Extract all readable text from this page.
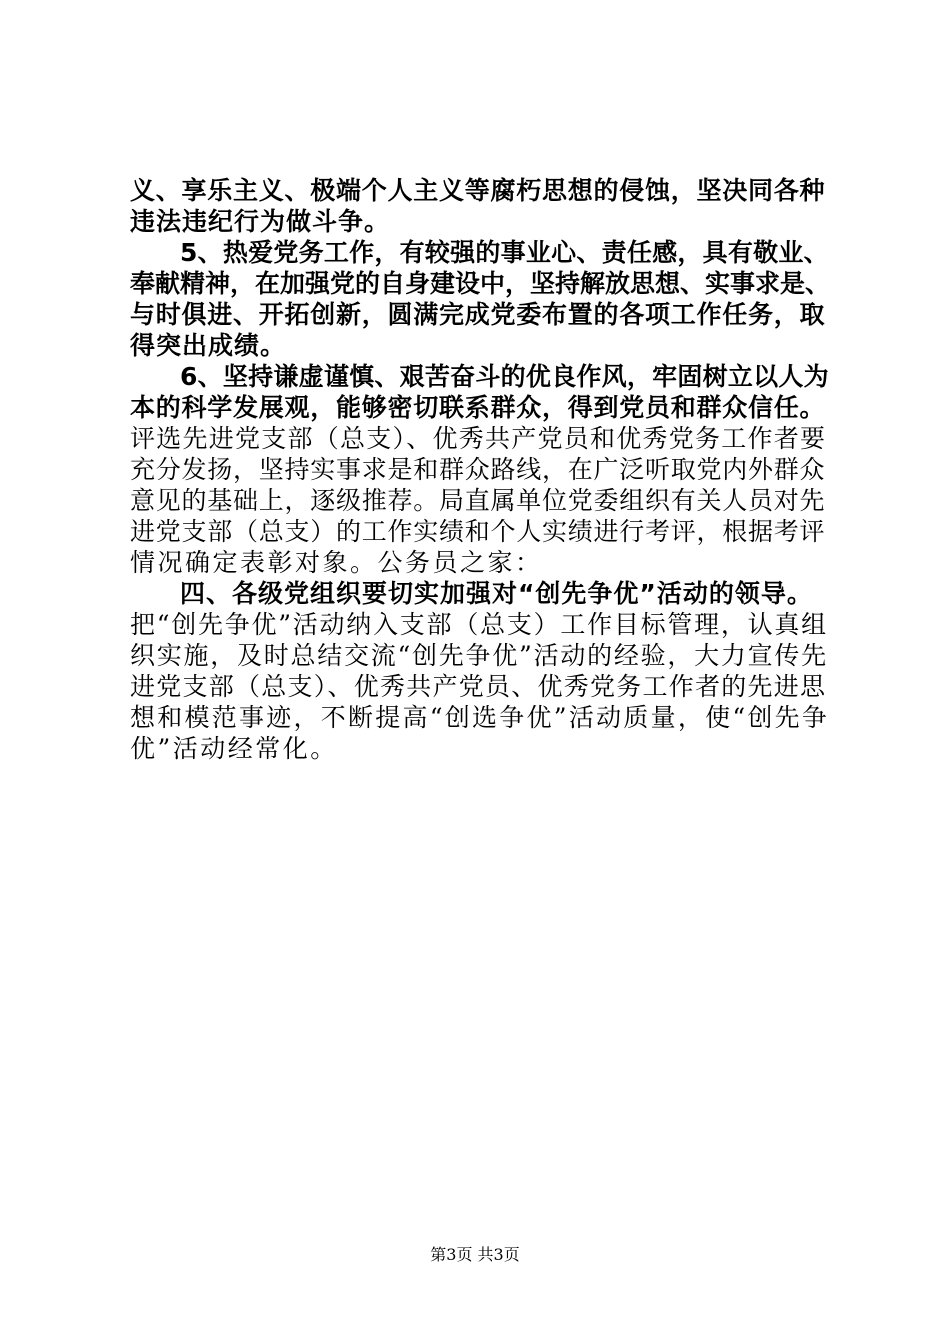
义、享乐主义、极端个人主义等腐朽思想的侵蚀，坚决同各种
违法违纪行为做斗争。
5、热爱党务工作，有较强的事业心、责任感，具有敬业、
奉献精神，在加强党的自身建设中，坚持解放思想、实事求是、
与时俱进、开拓创新，圆满完成党委布置的各项工作任务，取
得突出成绩。
6、坚持谦虚谨慎、艰苦奋斗的优良作风，牢固树立以人为
本的科学发展观，能够密切联系群众，得到党员和群众信任。
评选先进党支部（总支）、优秀共产党员和优秀党务工作者要
充分发扬，坚持实事求是和群众路线，在广泛听取党内外群众
意见的基础上，逐级推荐。局直属单位党委组织有关人员对先
进党支部（总支）的工作实绩和个人实绩进行考评，根据考评
情况确定表彰对象。公务员之家：
四、各级党组织要切实加强对“创先争优”活动的领导。
把“创先争优”活动纳入支部（总支）工作目标管理，认真组
织实施，及时总结交流“创先争优”活动的经验，大力宣传先
进党支部（总支）、优秀共产党员、优秀党务工作者的先进思
想和模范事迹，不断提高“创选争优”活动质量，使“创先争
优”活动经常化。
第3页 共3页
